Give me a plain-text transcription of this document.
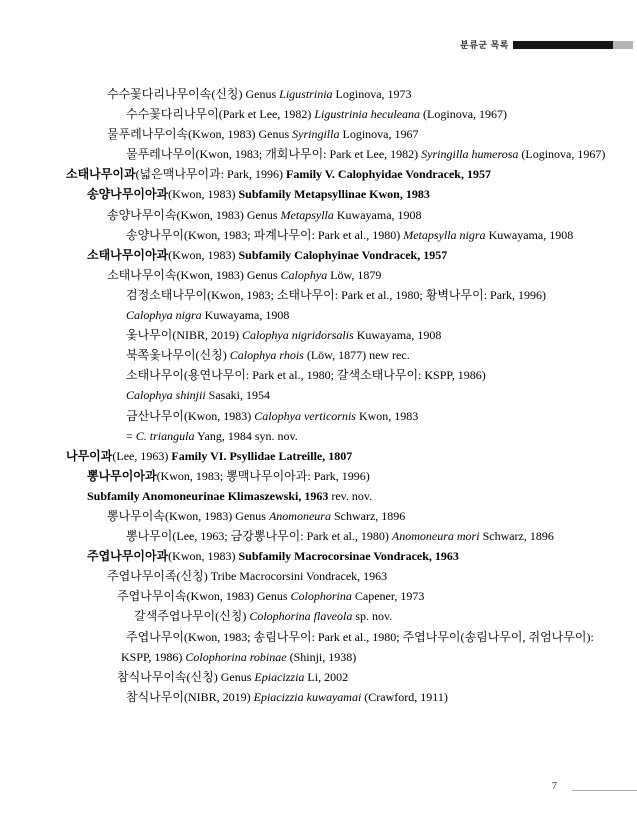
분류군 목록
수수꽃다리나무이속(신칭) Genus Ligustrinia Loginova, 1973
수수꽃다리나무이(Park et Lee, 1982) Ligustrinia heculeana (Loginova, 1967)
물푸레나무이속(Kwon, 1983) Genus Syringilla Loginova, 1967
물푸레나무이(Kwon, 1983; 개회나무이: Park et Lee, 1982) Syringilla humerosa (Loginova, 1967)
소태나무이과(넓은맥나무이과: Park, 1996) Family V. Calophyidae Vondracek, 1957
송양나무이아과(Kwon, 1983) Subfamily Metapsyllinae Kwon, 1983
송양나무이속(Kwon, 1983) Genus Metapsylla Kuwayama, 1908
송양나무이(Kwon, 1983; 파계나무이: Park et al., 1980) Metapsylla nigra Kuwayama, 1908
소태나무이아과(Kwon, 1983) Subfamily Calophyinae Vondracek, 1957
소태나무이속(Kwon, 1983) Genus Calophya Löw, 1879
검정소태나무이(Kwon, 1983; 소태나무이: Park et al., 1980; 황벽나무이: Park, 1996)
Calophya nigra Kuwayama, 1908
옻나무이(NIBR, 2019) Calophya nigridorsalis Kuwayama, 1908
북쪽옻나무이(신칭) Calophya rhois (Löw, 1877) new rec.
소태나무이(용연나무이: Park et al., 1980; 갈색소태나무이: KSPP, 1986)
Calophya shinjii Sasaki, 1954
금산나무이(Kwon, 1983) Calophya verticornis Kwon, 1983
= C. triangula Yang, 1984 syn. nov.
나무이과(Lee, 1963) Family VI. Psyllidae Latreille, 1807
뽕나무이아과(Kwon, 1983; 뽕맥나무이아과: Park, 1996)
Subfamily Anomoneurinae Klimaszewski, 1963 rev. nov.
뽕나무이속(Kwon, 1983) Genus Anomoneura Schwarz, 1896
뽕나무이(Lee, 1963; 금강뽕나무이: Park et al., 1980) Anomoneura mori Schwarz, 1896
주엽나무이아과(Kwon, 1983) Subfamily Macrocorsinae Vondracek, 1963
주엽나무이족(신칭) Tribe Macrocorsini Vondracek, 1963
주엽나무이속(Kwon, 1983) Genus Colophorina Capener, 1973
갈색주엽나무이(신칭) Colophorina flaveola sp. nov.
주엽나무이(Kwon, 1983; 송림나무이: Park et al., 1980; 주엽나무이(송림나무이, 쥐엄나무이):
KSPP, 1986) Colophorina robinae (Shinji, 1938)
참식나무이속(신칭) Genus Epiacizzia Li, 2002
참식나무이(NIBR, 2019) Epiacizzia kuwayamai (Crawford, 1911)
7
